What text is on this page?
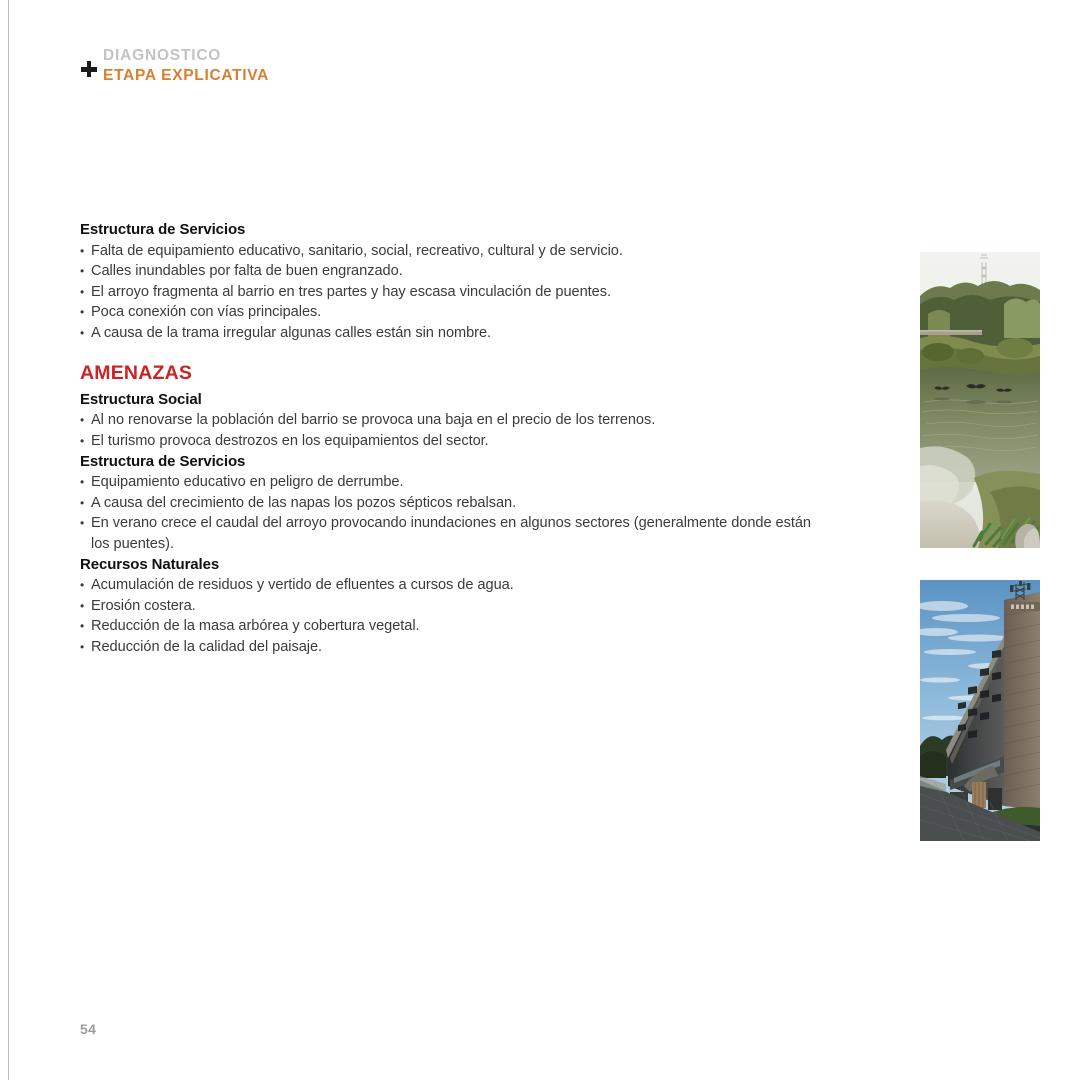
DIAGNOSTICO
ETAPA EXPLICATIVA
Estructura de Servicios
• Falta de equipamiento educativo, sanitario, social, recreativo, cultural y de servicio.
• Calles inundables por falta de buen engranzado.
• El arroyo fragmenta al barrio en tres partes y hay escasa vinculación de puentes.
• Poca conexión con vías principales.
• A causa de la trama irregular algunas calles están sin nombre.
AMENAZAS
Estructura Social
• Al no renovarse la población del barrio se provoca una baja en el precio de los terrenos.
• El turismo provoca destrozos en los equipamientos del sector.
Estructura de Servicios
• Equipamiento educativo en peligro de derrumbe.
• A causa del crecimiento de las napas los pozos sépticos rebalsan.
• En verano crece el caudal del arroyo provocando inundaciones en algunos sectores (generalmente donde están los puentes).
Recursos Naturales
• Acumulación de residuos y vertido de efluentes a cursos de agua.
• Erosión costera.
• Reducción de la masa arbórea y cobertura vegetal.
• Reducción de la calidad del paisaje.
54
